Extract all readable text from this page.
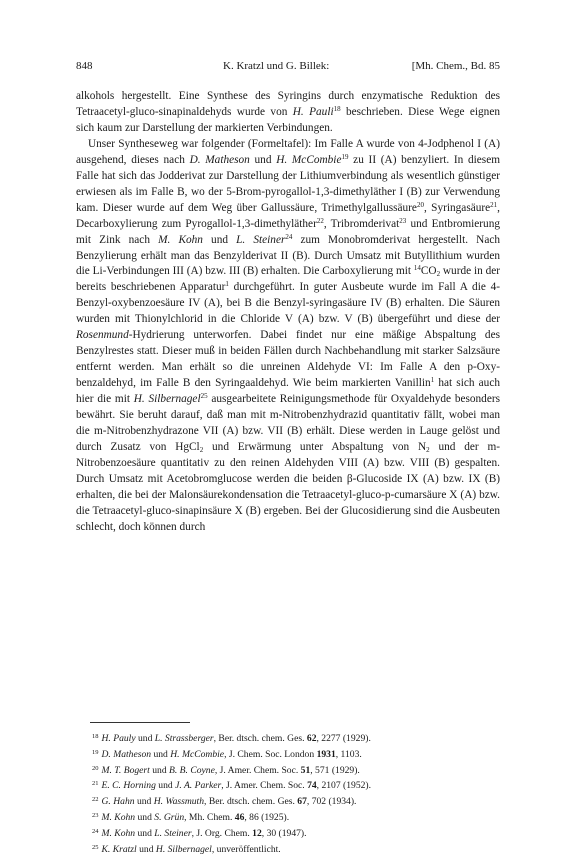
848	K. Kratzl und G. Billek:	[Mh. Chem., Bd. 85

alkohols hergestellt. Eine Synthese des Syringins durch enzymatische Reduktion des Tetraacetyl-gluco-sinapinaldehyds wurde von H. Pauli$^{18}$ beschrieben. Diese Wege eignen sich kaum zur Darstellung der markierten Verbindungen.

Unser Syntheseweg war folgender (Formeltafel): Im Falle A wurde von 4-Jodphenol I (A) ausgehend, dieses nach D. Matheson und H. McCombie$^{19}$ zu II (A) benzyliert. In diesem Falle hat sich das Jodderivat zur Darstellung der Lithiumverbindung als wesentlich günstiger erwiesen als im Falle B, wo der 5-Brom-pyrogallol-1,3-dimethyläther I (B) zur Verwendung kam. Dieser wurde auf dem Weg über Gallussäure, Trimethylgallussäure$^{20}$, Syringasäure$^{21}$, Decarboxylierung zum Pyrogallol-1,3-dimethyläther$^{22}$, Tribromderivat$^{23}$ und Entbromierung mit Zink nach M. Kohn und L. Steiner$^{24}$ zum Monobromderivat hergestellt. Nach Benzylierung erhält man das Benzylderivat II (B). Durch Umsatz mit Butyllithium wurden die Li-Verbindungen III (A) bzw. III (B) erhalten. Die Carboxylierung mit $^{14}CO_2$ wurde in der bereits beschriebenen Apparatur$^1$ durchgeführt. In guter Ausbeute wurde im Fall A die 4-Benzyl-oxybenzoesäure IV (A), bei B die Benzyl-syringasäure IV (B) erhalten. Die Säuren wurden mit Thionylchlorid in die Chloride V (A) bzw. V (B) übergeführt und diese der Rosenmund-Hydrierung unterworfen. Dabei findet nur eine mäßige Abspaltung des Benzylrestes statt. Dieser muß in beiden Fällen durch Nachbehandlung mit starker Salzsäure entfernt werden. Man erhält so die unreinen Aldehyde VI: Im Falle A den p-Oxy-benzaldehyd, im Falle B den Syringaaldehyd. Wie beim markierten Vanillin$^1$ hat sich auch hier die mit H. Silbernagel$^{25}$ ausgearbeitete Reinigungsmethode für Oxyaldehyde besonders bewährt. Sie beruht darauf, daß man mit m-Nitrobenzhydrazid quantitativ fällt, wobei man die m-Nitrobenzhydrazone VII (A) bzw. VII (B) erhält. Diese werden in Lauge gelöst und durch Zusatz von HgCl$_2$ und Erwärmung unter Abspaltung von $N_2$ und der m-Nitrobenzoesäure quantitativ zu den reinen Aldehyden VIII (A) bzw. VIII (B) gespalten. Durch Umsatz mit Acetobromglucose werden die beiden β-Glucoside IX (A) bzw. IX (B) erhalten, die bei der Malonsäurekondensation die Tetraacetyl-gluco-p-cumarsäure X (A) bzw. die Tetraacetyl-gluco-sinapinsäure X (B) ergeben. Bei der Glucosidierung sind die Ausbeuten schlecht, doch können durch

$^{18}$ H. Pauly und L. Strassberger, Ber. dtsch. chem. Ges. 62, 2277 (1929).
$^{19}$ D. Matheson und H. McCombie, J. Chem. Soc. London 1931, 1103.
$^{20}$ M. T. Bogert und B. B. Coyne, J. Amer. Chem. Soc. 51, 571 (1929).
$^{21}$ E. C. Horning und J. A. Parker, J. Amer. Chem. Soc. 74, 2107 (1952).
$^{22}$ G. Hahn und H. Wassmuth, Ber. dtsch. chem. Ges. 67, 702 (1934).
$^{23}$ M. Kohn und S. Grün, Mh. Chem. 46, 86 (1925).
$^{24}$ M. Kohn und L. Steiner, J. Org. Chem. 12, 30 (1947).
$^{25}$ K. Kratzl und H. Silbernagel, unveröffentlicht.
